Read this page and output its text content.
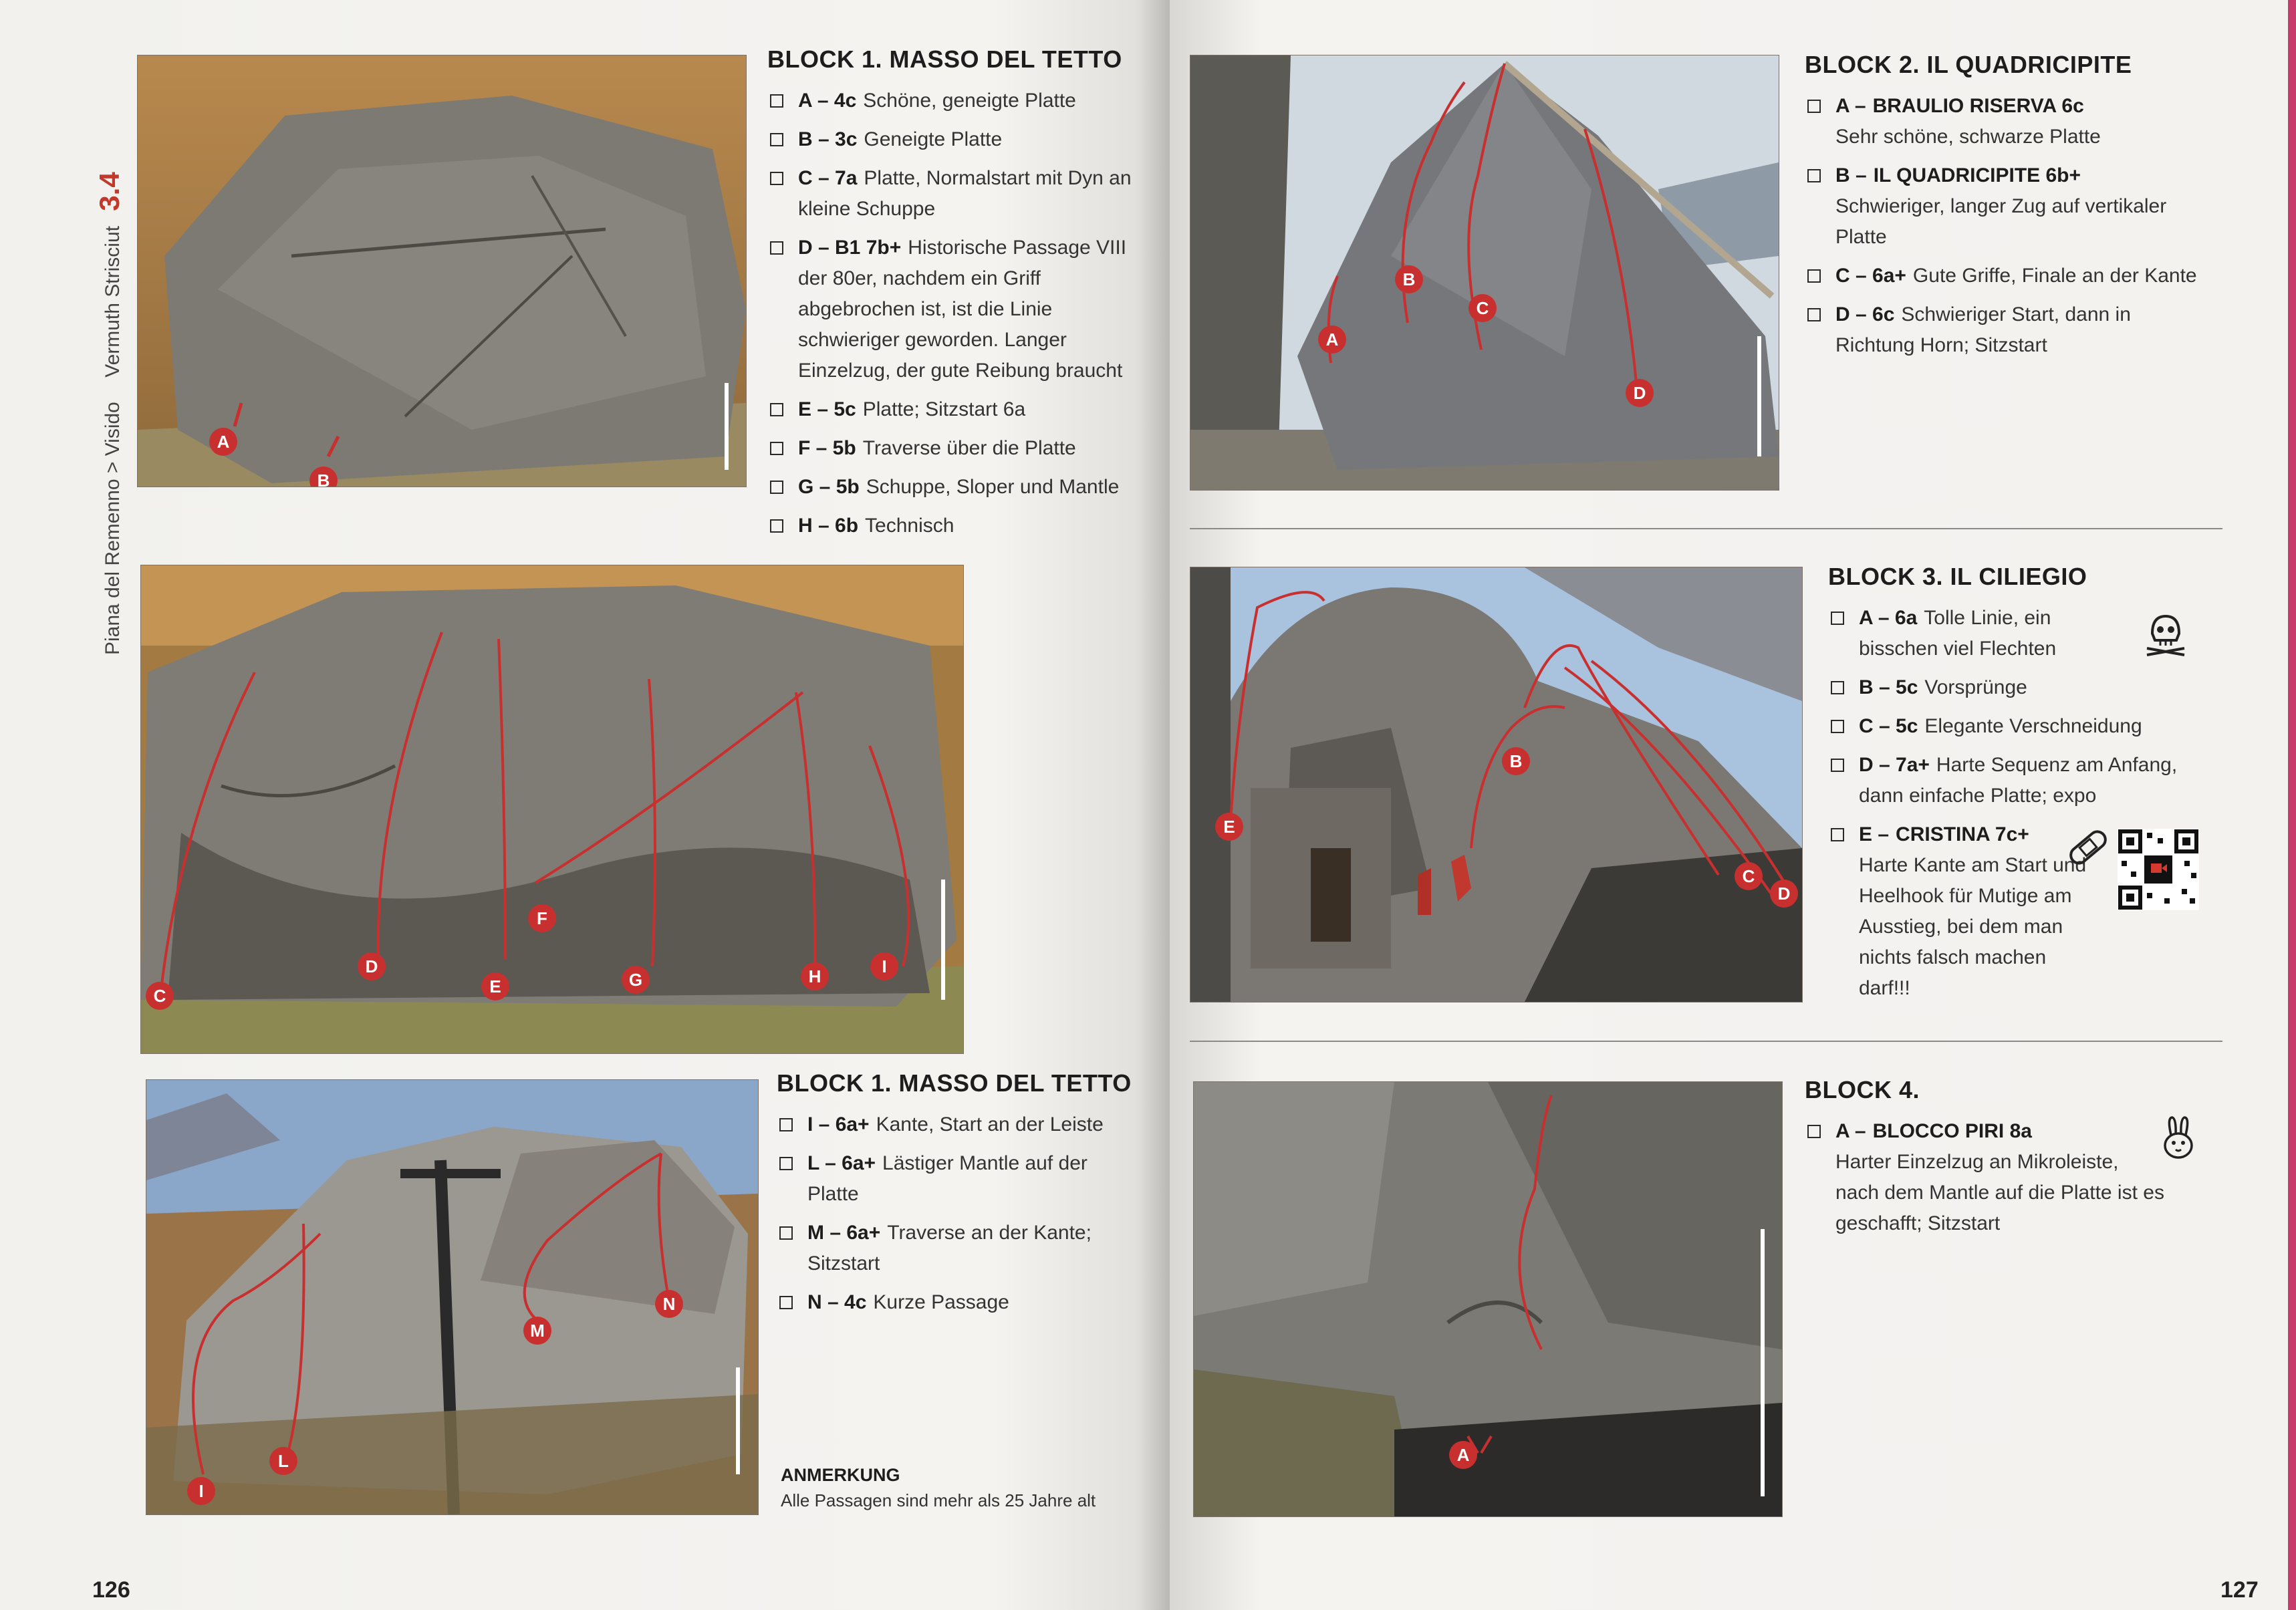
Piana del Remenno > Visido Vermuth Strisciut 3.4
A
B
BLOCK 1. MASSO DEL TETTO
A – 4c Schöne, geneigte Platte
B – 3c Geneigte Platte
C – 7a Platte, Normalstart mit Dyn an kleine Schuppe
D – B1 7b+ Historische Passage VIII der 80er, nachdem ein Griff abgebrochen ist, ist die Linie schwieriger geworden. Langer Einzelzug, der gute Reibung braucht
E – 5c Platte; Sitzstart 6a
F – 5b Traverse über die Platte
G – 5b Schuppe, Sloper und Mantle
H – 6b Technisch
C
D
E
F
G	H	I
I
L
M
N
BLOCK 1. MASSO DEL TETTO
I – 6a+ Kante, Start an der Leiste
L – 6a+ Lästiger Mantle auf der Platte
M – 6a+ Traverse an der Kante; Sitzstart
N – 4c Kurze Passage
ANMERKUNG
Alle Passagen sind mehr als 25 Jahre alt
126
A
B
C
D
BLOCK 2. IL QUADRICIPITE
A – BRAULIO RISERVA 6c
Sehr schöne, schwarze Platte
B – IL QUADRICIPITE 6b+
Schwieriger, langer Zug auf vertikaler Platte
C – 6a+ Gute Griffe, Finale an der Kante
D – 6c Schwieriger Start, dann in Richtung Horn; Sitzstart
E
B
C
D
BLOCK 3. IL CILIEGIO
A – 6a Tolle Linie, ein bisschen viel Flechten
B – 5c Vorsprünge
C – 5c Elegante Verschneidung
D – 7a+ Harte Sequenz am Anfang, dann einfache Platte; expo
E – CRISTINA 7c+
Harte Kante am Start und Heelhook für Mutige am Ausstieg, bei dem man nichts falsch machen darf!!!
A
BLOCK 4.
A – BLOCCO PIRI 8a
Harter Einzelzug an Mikroleiste, nach dem Mantle auf die Platte ist es geschafft; Sitzstart
127
